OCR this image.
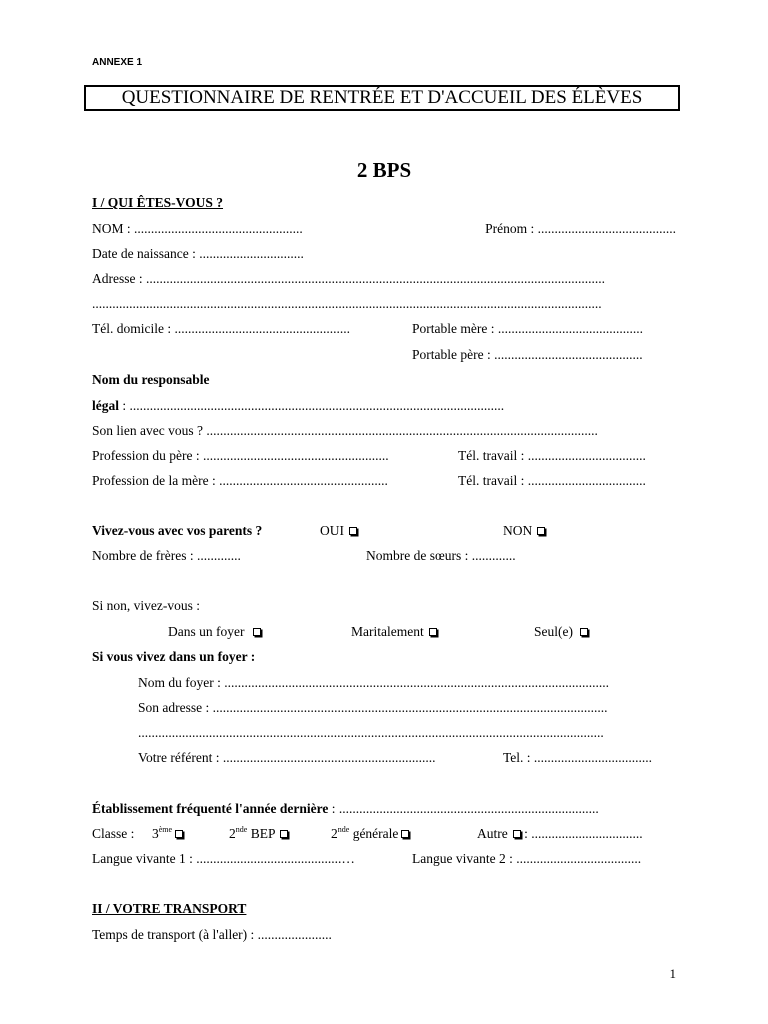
ANNEXE 1
QUESTIONNAIRE DE RENTRÉE ET D'ACCUEIL DES ÉLÈVES
2 BPS
I / QUI ÊTES-VOUS ?
NOM : ..................................................	Prénom : .........................................
Date de naissance : ...............................
Adresse : ........................................................................................................................................
.......................................................................................................................................................
Tél. domicile : ....................................................	Portable mère : ...........................................
Portable père : ............................................
Nom du responsable
légal : ...............................................................................................................
Son lien avec vous ? ....................................................................................................................
Profession du père : .......................................................	Tél. travail : ...................................
Profession de la mère : ..................................................	Tél. travail : ...................................
Vivez-vous avec vos parents ?	OUI	NON
Nombre de frères : .............	Nombre de sœurs : .............
Si non, vivez-vous :
Dans un foyer	Maritalement	Seul(e)
Si vous vivez dans un foyer :
Nom du foyer : ..................................................................................................................
Son adresse : .....................................................................................................................
..........................................................................................................................................
Votre référent : ...............................................................	Tel. : ...................................
Établissement fréquenté l'année dernière : .............................................................................
Classe : 3ème	2nde BEP	2nde générale	Autre : .................................
Langue vivante 1 : ...........................................…	Langue vivante 2 : .....................................
II / VOTRE TRANSPORT
Temps de transport (à l'aller) : ......................
1
